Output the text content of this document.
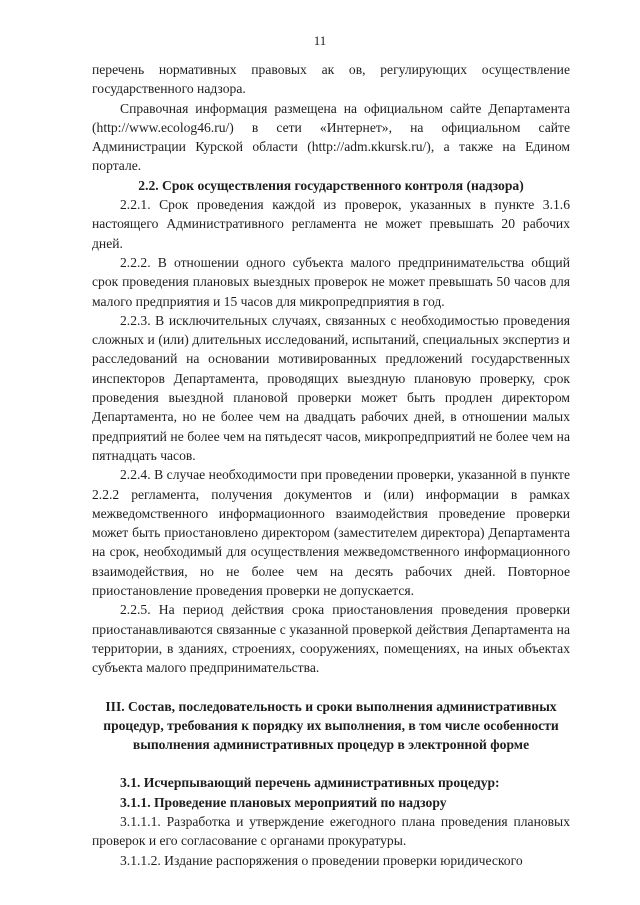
11

перечень нормативных правовых ак ов, регулирующих осуществление государственного надзора.

Справочная информация размещена на официальном сайте Департамента (http://www.ecolog46.ru/) в сети «Интернет», на официальном сайте Администрации Курской области (http://adm.кkursk.ru/), а также на Едином портале.

2.2. Срок осуществления государственного контроля (надзора)

2.2.1. Срок проведения каждой из проверок, указанных в пункте 3.1.6 настоящего Административного регламента не может превышать 20 рабочих дней.

2.2.2. В отношении одного субъекта малого предпринимательства общий срок проведения плановых выездных проверок не может превышать 50 часов для малого предприятия и 15 часов для микропредприятия в год.

2.2.3. В исключительных случаях, связанных с необходимостью проведения сложных и (или) длительных исследований, испытаний, специальных экспертиз и расследований на основании мотивированных предложений государственных инспекторов Департамента, проводящих выездную плановую проверку, срок проведения выездной плановой проверки может быть продлен директором Департамента, но не более чем на двадцать рабочих дней, в отношении малых предприятий не более чем на пятьдесят часов, микропредприятий не более чем на пятнадцать часов.

2.2.4. В случае необходимости при проведении проверки, указанной в пункте 2.2.2 регламента, получения документов и (или) информации в рамках межведомственного информационного взаимодействия проведение проверки может быть приостановлено директором (заместителем директора) Департамента на срок, необходимый для осуществления межведомственного информационного взаимодействия, но не более чем на десять рабочих дней. Повторное приостановление проведения проверки не допускается.

2.2.5. На период действия срока приостановления проведения проверки приостанавливаются связанные с указанной проверкой действия Департамента на территории, в зданиях, строениях, сооружениях, помещениях, на иных объектах субъекта малого предпринимательства.

III. Состав, последовательность и сроки выполнения административных процедур, требования к порядку их выполнения, в том числе особенности выполнения административных процедур в электронной форме

3.1. Исчерпывающий перечень административных процедур:

3.1.1. Проведение плановых мероприятий по надзору

3.1.1.1. Разработка и утверждение ежегодного плана проведения плановых проверок и его согласование с органами прокуратуры.

3.1.1.2. Издание распоряжения о проведении проверки юридического
